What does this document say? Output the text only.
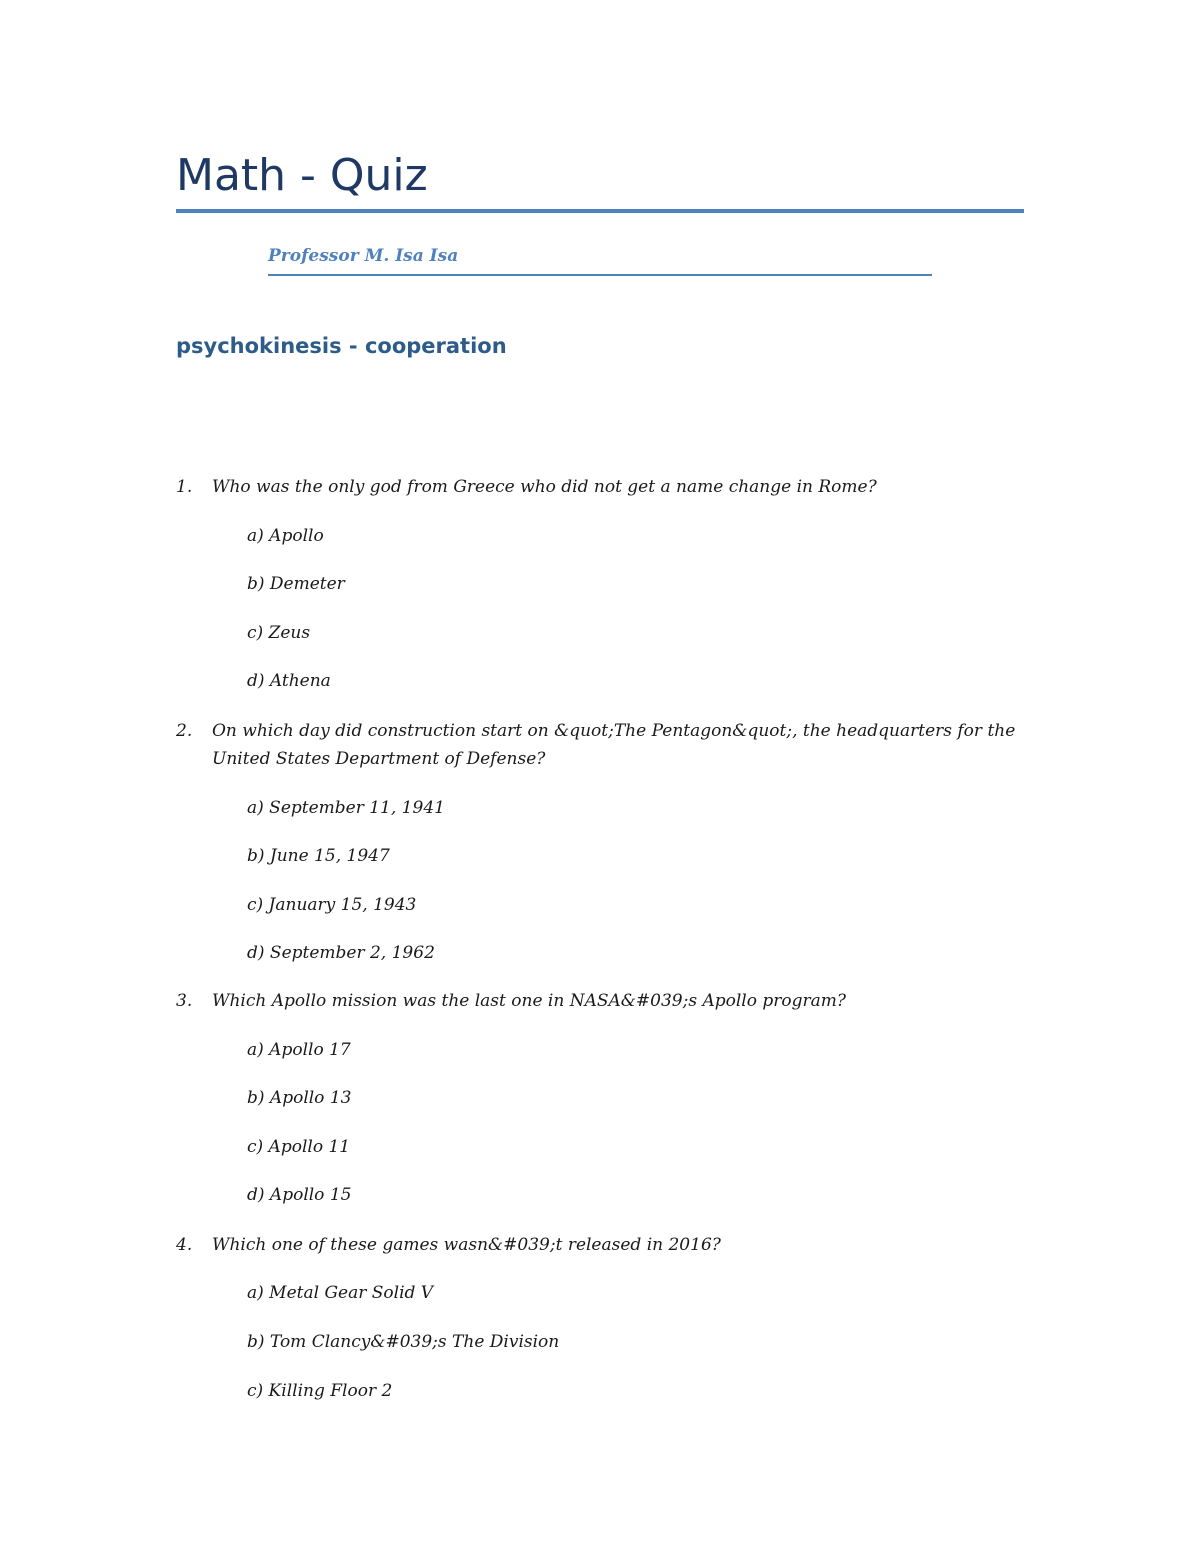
Math - Quiz
Professor M. Isa Isa
psychokinesis - cooperation
1. Who was the only god from Greece who did not get a name change in Rome?
a) Apollo
b) Demeter
c) Zeus
d) Athena
2. On which day did construction start on &quot;The Pentagon&quot;, the headquarters for the United States Department of Defense?
a) September 11, 1941
b) June 15, 1947
c) January 15, 1943
d) September 2, 1962
3. Which Apollo mission was the last one in NASA&#039;s Apollo program?
a) Apollo 17
b) Apollo 13
c) Apollo 11
d) Apollo 15
4. Which one of these games wasn&#039;t released in 2016?
a) Metal Gear Solid V
b) Tom Clancy&#039;s The Division
c) Killing Floor 2
